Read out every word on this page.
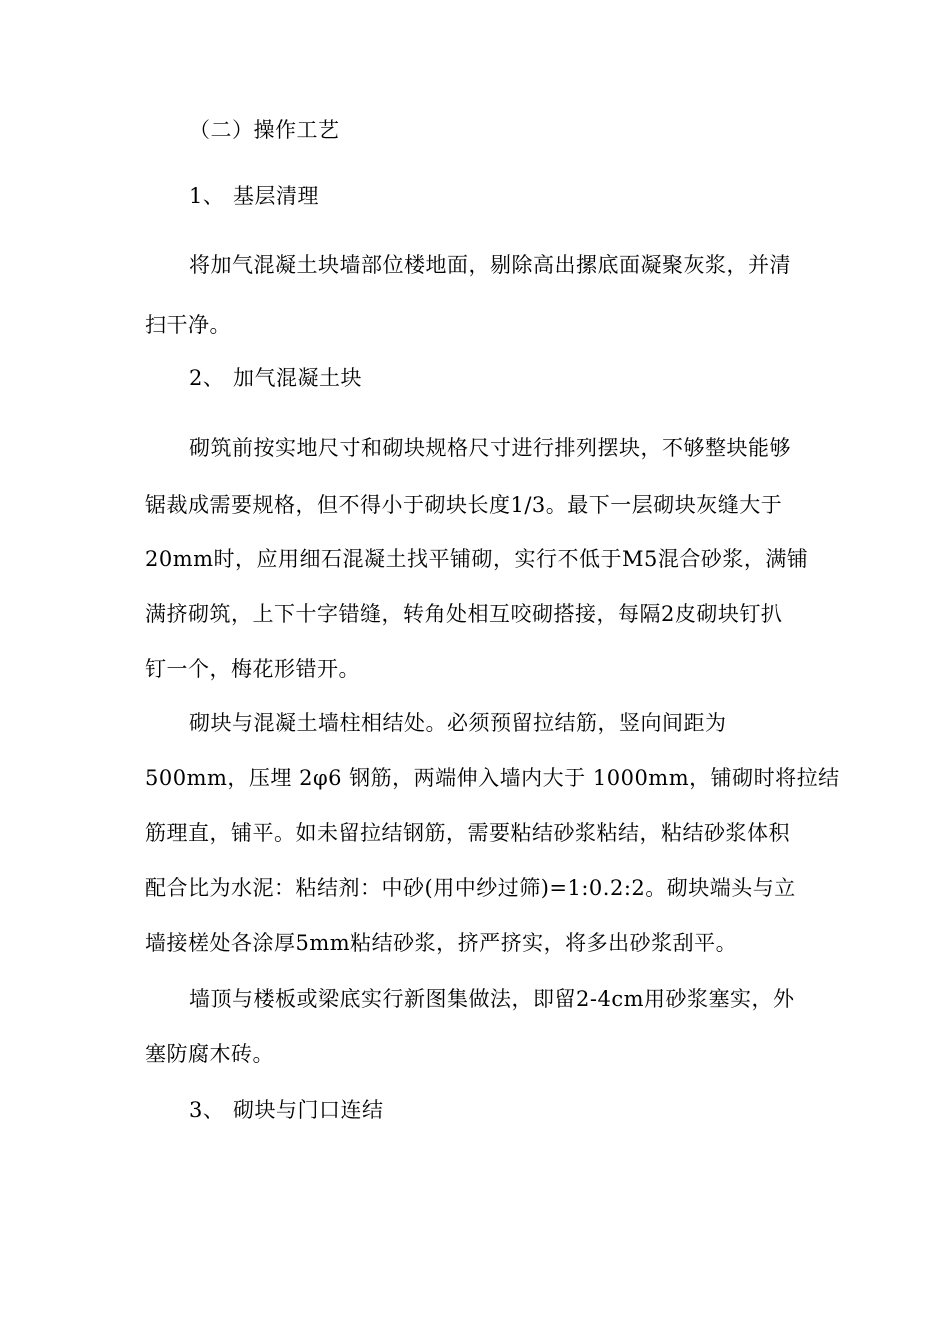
（二）操作工艺
1、 基层清理
将加气混凝土块墙部位楼地面，剔除高出摞底面凝聚灰浆，并清
扫干净。
2、 加气混凝土块
砌筑前按实地尺寸和砌块规格尺寸进行排列摆块，不够整块能够
锯裁成需要规格，但不得小于砌块长度1/3。最下一层砌块灰缝大于
20mm时，应用细石混凝土找平铺砌，实行不低于M5混合砂浆，满铺
满挤砌筑，上下十字错缝，转角处相互咬砌搭接，每隔2皮砌块钉扒
钉一个，梅花形错开。
砌块与混凝土墙柱相结处。必须预留拉结筋，竖向间距为
500mm，压埋 2φ6 钢筋，两端伸入墙内大于 1000mm，铺砌时将拉结
筋理直，铺平。如未留拉结钢筋，需要粘结砂浆粘结，粘结砂浆体积
配合比为水泥：粘结剂：中砂(用中纱过筛)=1:0.2:2。砌块端头与立
墙接槎处各涂厚5mm粘结砂浆，挤严挤实，将多出砂浆刮平。
墙顶与楼板或梁底实行新图集做法，即留2-4cm用砂浆塞实，外
塞防腐木砖。
3、 砌块与门口连结
